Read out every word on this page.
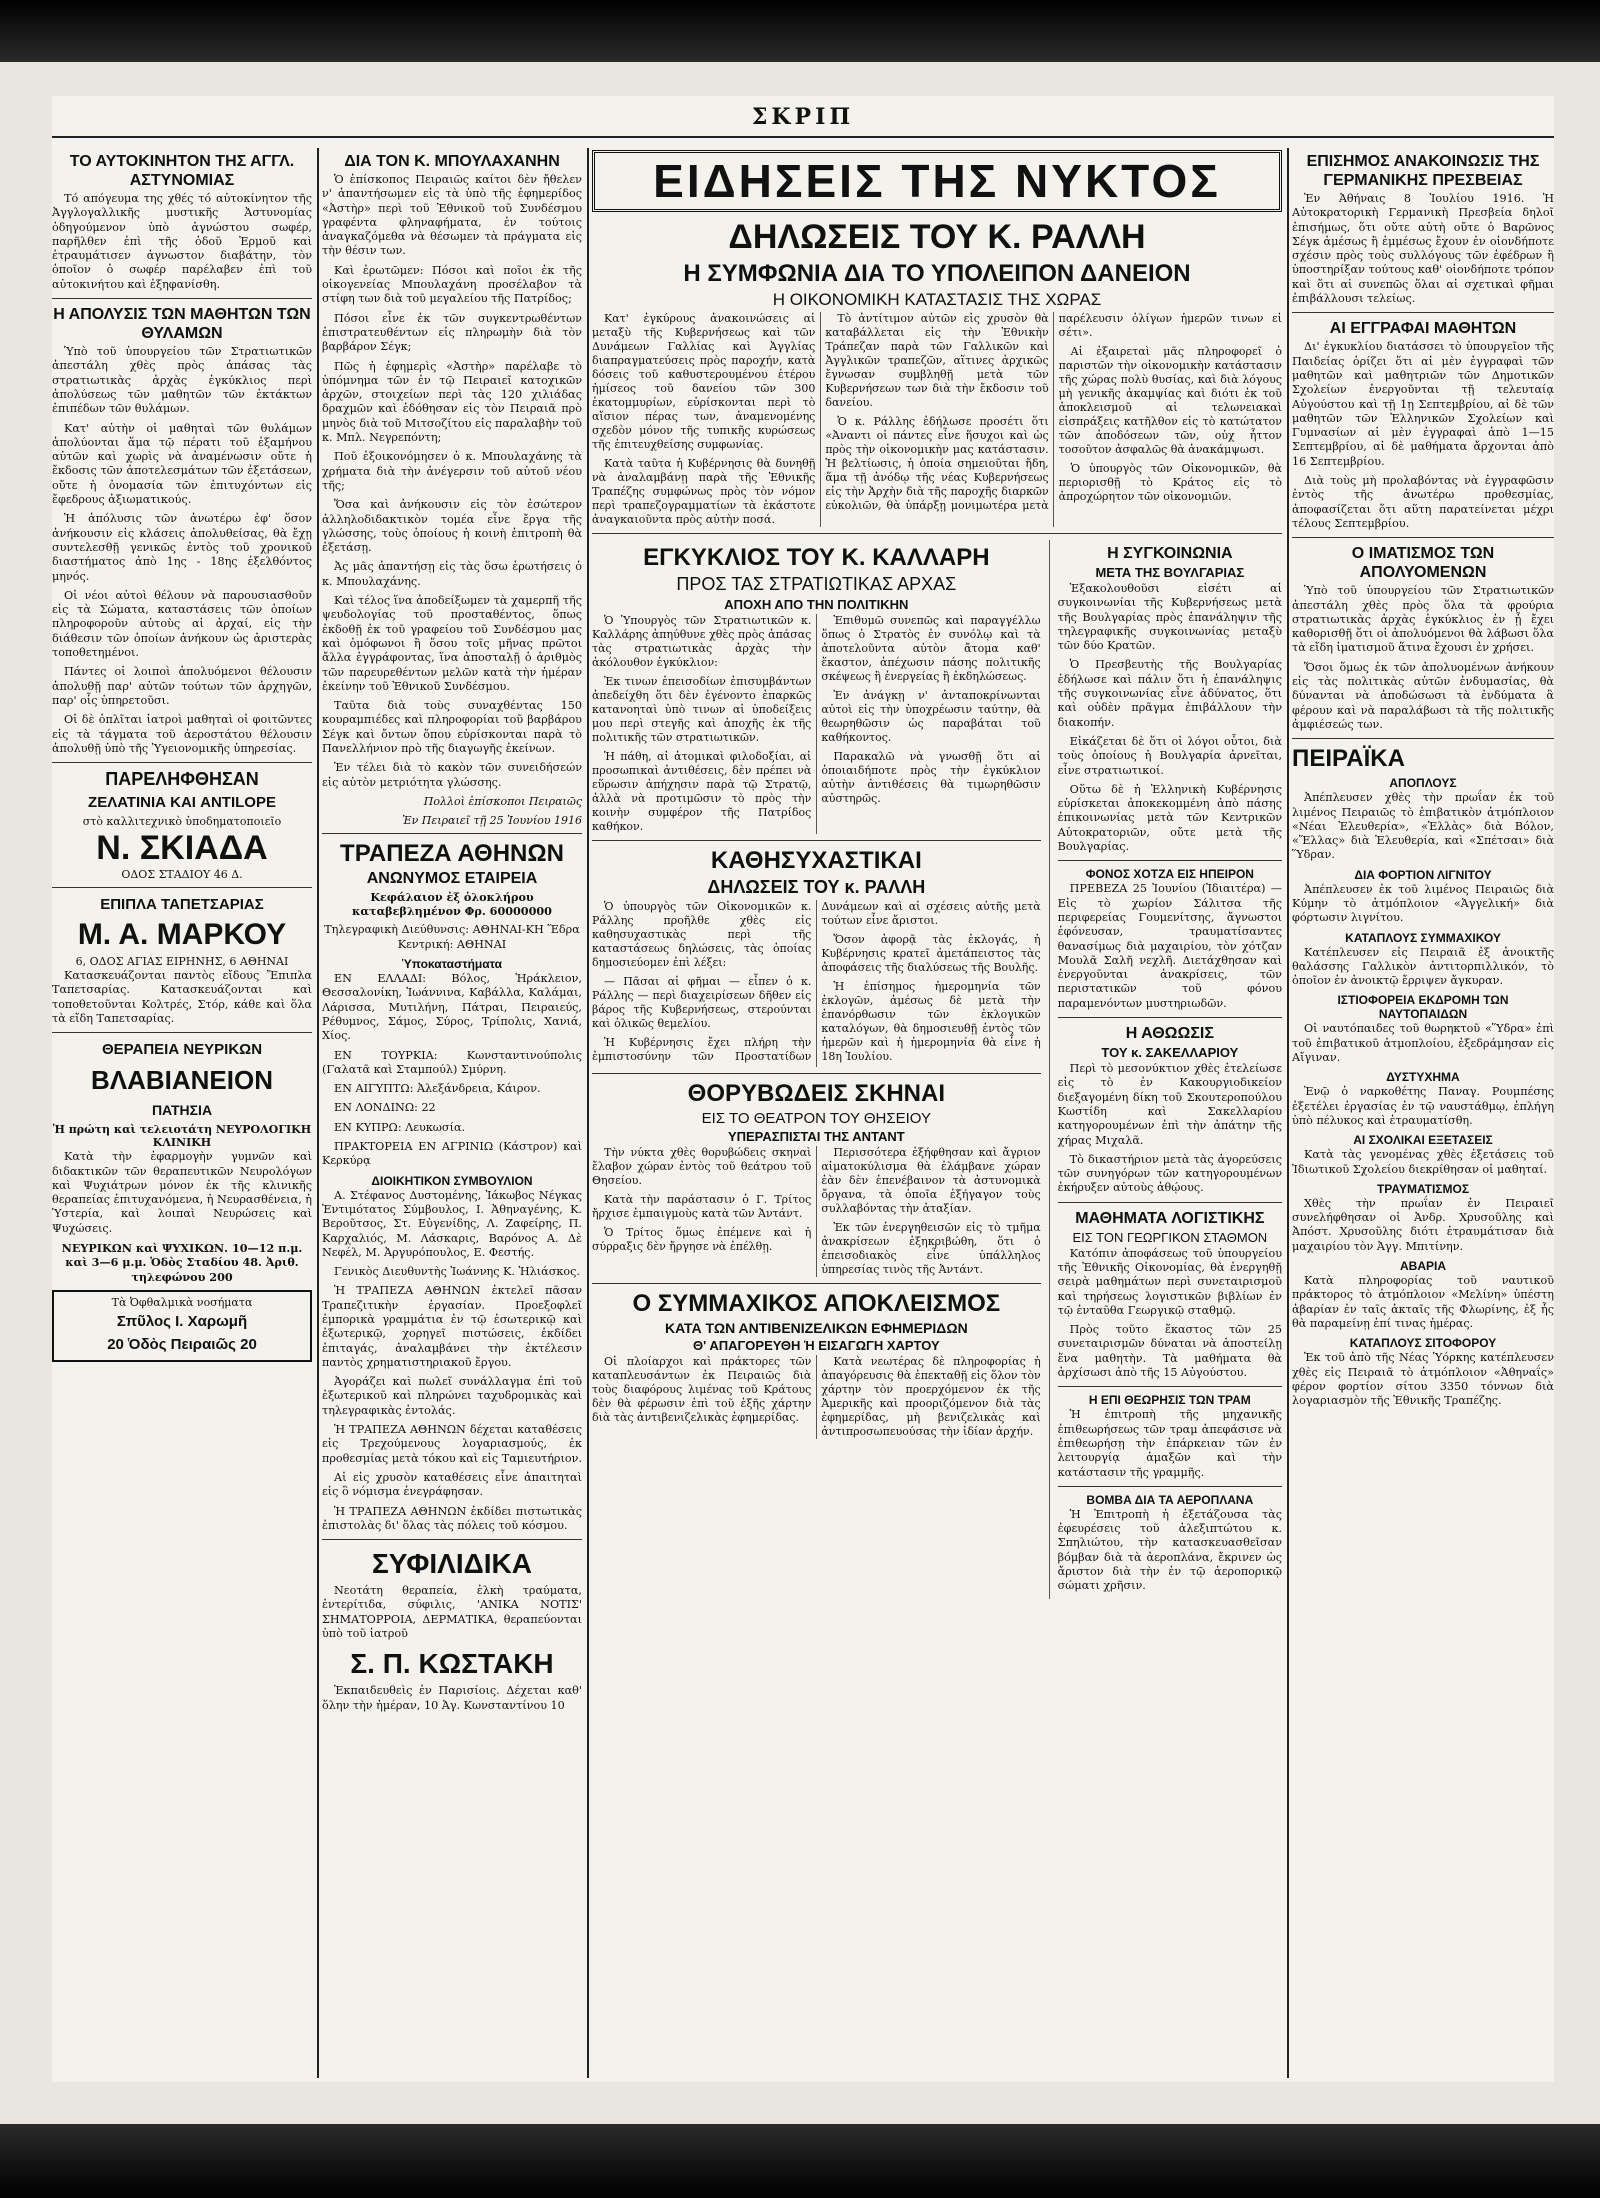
ΣΚΡΙΠ
ΤΟ ΑΥΤΟΚΙΝΗΤΟΝ ΤΗΣ ΑΓΓΛ. ΑΣΤΥΝΟΜΙΑΣ

Τό απόγευμα της χθές τό αὐτοκίνητον τῆς Ἀγγλογαλλικῆς μυστικῆς Ἀστυνομίας ὁδηγούμενον ὑπὸ ἀγνώστου σωφέρ, παρῆλθεν ἐπὶ τῆς ὁδοῦ Ἑρμοῦ καὶ ἐτραυμάτισεν ἀγνωστον διαβάτην, τὸν ὁποῖον ὁ σωφέρ παρέλαβεν ἐπὶ τοῦ αὐτοκινήτου καὶ ἐξηφανίσθη.

Η ΑΠΟΛΥΣΙΣ ΤΩΝ ΜΑΘΗΤΩΝ ΤΩΝ ΘΥΛΑΜΩΝ

Ὑπὸ τοῦ ὑπουργείου τῶν Στρατιωτικῶν ἀπεστάλη χθὲς πρὸς ἁπάσας τὰς στρατιωτικὰς ἀρχὰς ἐγκύκλιος περὶ ἀπολύσεως τῶν μαθητῶν τῶν ἐκτάκτων ἐπιπέδων τῶν θυλάμων.

Κατ' αὐτὴν οἱ μαθηταὶ τῶν θυλάμων ἀπολύονται ἅμα τῷ πέρατι τοῦ ἐξαμήνου αὐτῶν καὶ χωρὶς νὰ ἀναμένωσιν οὔτε ἡ ἔκδοσις τῶν ἀποτελεσμάτων τῶν ἐξετάσεων, οὔτε ἡ ὀνομασία τῶν ἐπιτυχόντων εἰς ἔφεδρους ἀξιωματικούς.

Ἡ ἀπόλυσις τῶν ἀνωτέρω ἐφ' ὅσον ἀνήκουσιν εἰς κλάσεις ἀπολυθείσας, θὰ ἔχῃ συντελεσθῇ γενικῶς ἐντὸς τοῦ χρονικοῦ διαστήματος ἀπὸ 1ης - 18ης ἐξελθόντος μηνός.

Οἱ νέοι αὐτοὶ θέλουν νὰ παρουσιασθοῦν εἰς τὰ Σώματα, καταστάσεις τῶν ὁποίων πληροφοροῦν αὐτοὺς αἱ ἀρχαί, εἰς τὴν διάθεσιν τῶν ὁποίων ἀνήκουν ὡς ἀριστερὰς τοποθετημένοι.

Πάντες οἱ λοιποὶ ἀπολυόμενοι θέλουσιν ἀπολυθῇ παρ' αὐτῶν τούτων τῶν ἀρχηγῶν, παρ' οἷς ὑπηρετοῦσι.

Οἱ δὲ ὁπλῖται ἰατροὶ μαθηταὶ οἱ φοιτῶντες εἰς τὰ τάγματα τοῦ ἀεροστάτου θέλουσιν ἀπολυθῇ ὑπὸ τῆς Ὑγειονομικῆς ὑπηρεσίας.

ΠΑΡΕΛΗΦΘΗΣΑΝ
ΖΕΛΑΤΙΝΙΑ ΚΑΙ ANTILOPE
στὸ καλλιτεχνικὸ ὑποδηματοποιεῖο
Ν. ΣΚΙΑΔΑ
ΟΔΟΣ ΣΤΑΔΙΟΥ 46 Δ.
ΕΠΙΠΛΑ ΤΑΠΕΤΣΑΡΙΑΣ
Μ. Α. ΜΑΡΚΟΥ
6, ΟΔΟΣ ΑΓΙΑΣ ΕΙΡΗΝΗΣ, 6 ΑΘΗΝΑΙ

Κατασκευάζονται παντὸς εἴδους Ἔπιπλα Ταπετσαρίας. Κατασκευάζονται καὶ τοποθετοῦνται Κολτρές, Στόρ, κάθε καὶ ὅλα τὰ εἴδη Ταπετσαρίας.

ΘΕΡΑΠΕΙΑ ΝΕΥΡΙΚΩΝ
ΒΛΑΒΙΑΝΕΙΟΝ
ΠΑΤΗΣΙΑ
Ἡ πρώτη καὶ τελειοτάτη ΝΕΥΡΟΛΟΓΙΚΗ ΚΛΙΝΙΚΗ

Κατὰ τὴν ἐφαρμογὴν γυμνῶν καὶ διδακτικῶν τῶν θεραπευτικῶν Νευρολόγων καὶ Ψυχιάτρων μόνον ἐκ τῆς κλινικῆς θεραπείας ἐπιτυχανόμενα, ἡ Νευρασθένεια, ἡ Ὑστερία, καὶ λοιπαὶ Νευρώσεις καὶ Ψυχώσεις.

ΝΕΥΡΙΚΩΝ καὶ ΨΥΧΙΚΩΝ. 10—12 π.μ. καὶ 3—6 μ.μ. Ὁδὸς Σταδίου 48. Ἀριθ. τηλεφώνου 200

Τὰ Ὀφθαλμικὰ νοσήματα
Σπῦλος Ι. Χαρωμῆ
20 Ὁδὸς Πειραιῶς 20
ΔΙΑ ΤΟΝ Κ. ΜΠΟΥΛΑΧΑΝΗΝ

Ὁ ἐπίσκοπος Πειραιῶς καίτοι δὲν ἤθελεν ν' ἀπαντήσωμεν εἰς τὰ ὑπὸ τῆς ἐφημερίδος «Ἀστὴρ» περὶ τοῦ Ἐθνικοῦ τοῦ Συνδέσμου γραφέντα φληναφήματα, ἐν τούτοις ἀναγκαζόμεθα νὰ θέσωμεν τὰ πράγματα εἰς τὴν θέσιν των.

Καὶ ἐρωτῶμεν: Πόσοι καὶ ποῖοι ἐκ τῆς οἰκογενείας Μπουλαχάνη προσέλαβον τὰ στίφη των διὰ τοῦ μεγαλείου τῆς Πατρίδος;

Πόσοι εἶνε ἐκ τῶν συγκεντρωθέντων ἐπιστρατευθέντων εἰς πληρωμὴν διὰ τὸν βαρβάρον Σέγκ;

Πῶς ἡ ἐφημερὶς «Ἀστὴρ» παρέλαβε τὸ ὑπόμνημα τῶν ἐν τῷ Πειραιεῖ κατοχικῶν ἀρχῶν, στοιχείων περὶ τὰς 120 χιλιάδας δραχμῶν καὶ ἐδόθησαν εἰς τὸν Πειραιᾶ πρὸ μηνὸς διὰ τοῦ Μιτσοζίτου εἰς παραλαβὴν τοῦ κ. Μπλ. Νεγρεπόντη;

Ποῦ ἐξοικονόμησεν ὁ κ. Μπουλαχάνης τὰ χρήματα διὰ τὴν ἀνέγερσιν τοῦ αὐτοῦ νέου τῆς;

Ὅσα καὶ ἀνήκουσιν εἰς τὸν ἐσώτερον ἀλληλοδιδακτικὸν τομέα εἶνε ἔργα τῆς γλώσσης, τοὺς ὁποίους ἡ κοινὴ ἐπιτροπὴ θὰ ἐξετάσῃ.

Ἀς μᾶς ἀπαντήσῃ εἰς τὰς ὅσω ἐρωτήσεις ὁ κ. Μπουλαχάνης.

Καὶ τέλος ἵνα ἀποδείξωμεν τὰ χαμερπῆ τῆς ψευδολογίας τοῦ προσταθέντος, ὅπως ἐκδοθῇ ἐκ τοῦ γραφείου τοῦ Συνδέσμου μας καὶ ὁμόφωνοι ἢ ὅσου τοῖς μῆνας πρῶτοι ἄλλα ἐγγράφοντας, ἵνα ἀποσταλῇ ὁ ἀριθμὸς τῶν παρευρεθέντων μελῶν κατὰ τὴν ἡμέραν ἐκείνην τοῦ Ἐθνικοῦ Συνδέσμου.

Ταῦτα διὰ τοὺς συναχθέντας 150 κουραμπιέδες καὶ πληροφορίαι τοῦ βαρβάρου Σέγκ καὶ ὄντων ὅπου εὑρίσκονται παρὰ τὸ Πανελλήνιον πρὸ τῆς διαγωγῆς ἐκείνων.

Ἐν τέλει διὰ τὸ κακὸν τῶν συνειδήσεών εἰς αὐτὸν μετριότητα γλώσσης.

Πολλοὶ ἐπίσκοποι Πειραιῶς
Ἐν Πειραιεῖ τῇ 25 Ἰουνίου 1916
ΤΡΑΠΕΖΑ ΑΘΗΝΩΝ
ΑΝΩΝΥΜΟΣ ΕΤΑΙΡΕΙΑ

Κεφάλαιον ἐξ ὁλοκλήρου καταβεβλημένον Φρ. 60000000

Τηλεγραφικὴ Διεύθυνσις: ΑΘΗΝΑΙ-ΚΗ Ἕδρα Κεντρική: ΑΘΗΝΑΙ

Ὑποκαταστήματα

ΕΝ ΕΛΛΑΔΙ: Βόλος, Ἡράκλειον, Θεσσαλονίκη, Ἰωάννινα, Καβάλλα, Καλάμαι, Λάρισσα, Μυτιλήνη, Πάτραι, Πειραιεύς, Ρέθυμνος, Σάμος, Σύρος, Τρίπολις, Χανιά, Χίος.

ΕΝ ΤΟΥΡΚΙΑ: Κωνσταντινούπολις (Γαλατᾶ καὶ Σταμπούλ) Σμύρνη.

ΕΝ ΑΙΓΥΠΤΩ: Ἀλεξάνδρεια, Κάιρον.

ΕΝ ΛΟΝΔΙΝΩ: 22

ΕΝ ΚΥΠΡΩ: Λευκωσία.

ΠΡΑΚΤΟΡΕΙΑ ΕΝ ΑΓΡΙΝΙΩ (Κάστρον) καὶ Κερκύρᾳ

ΔΙΟΙΚΗΤΙΚΟΝ ΣΥΜΒΟΥΛΙΟΝ

Α. Στέφανος Δυστομένης, Ἰάκωβος Νέγκας Ἐντιμότατος Σύμβουλος, Ι. Ἀθηναγένης, Κ. Βεροῦτσος, Στ. Εὐγενίδης, Λ. Ζαφείρης, Π. Καρχαλιός, Μ. Λάσκαρις, Βαρόνος Α. Δὲ Νεφέλ, Μ. Ἀργυρόπουλος, Ε. Φεστής.

Γενικὸς Διευθυντὴς Ἰωάννης Κ. Ἠλιάσκος.

Ἡ ΤΡΑΠΕΖΑ ΑΘΗΝΩΝ ἐκτελεῖ πᾶσαν Τραπεζιτικὴν ἐργασίαν. Προεξοφλεῖ ἐμπορικὰ γραμμάτια ἐν τῷ ἐσωτερικῷ καὶ ἐξωτερικῷ, χορηγεῖ πιστώσεις, ἐκδίδει ἐπιταγάς, ἀναλαμβάνει τὴν ἐκτέλεσιν παντὸς χρηματιστηριακοῦ ἔργου.

Ἀγοράζει καὶ πωλεῖ συνάλλαγμα ἐπὶ τοῦ ἐξωτερικοῦ καὶ πληρώνει ταχυδρομικὰς καὶ τηλεγραφικὰς ἐντολάς.

Ἡ ΤΡΑΠΕΖΑ ΑΘΗΝΩΝ δέχεται καταθέσεις εἰς Τρεχούμενους λογαριασμούς, ἐκ προθεσμίας μετὰ τόκου καὶ εἰς Ταμιευτήριον.

Αἱ εἰς χρυσὸν καταθέσεις εἶνε ἀπαιτηταὶ εἰς ὃ νόμισμα ἐνεγράφησαν.

Ἡ ΤΡΑΠΕΖΑ ΑΘΗΝΩΝ ἐκδίδει πιστωτικὰς ἐπιστολὰς δι' ὅλας τὰς πόλεις τοῦ κόσμου.

ΣΥΦΙΛΙΔΙΚΑ

Νεοτάτη θεραπεία, ἐλκὴ τραύματα, ἐντερίτιδα, σύφιλις, 'ΑΝΙΚΑ ΝΟΤΙΣ' ΣΗΜΑΤΟΡΡΟΙΑ, ΔΕΡΜΑΤΙΚΑ, θεραπεύονται ὑπὸ τοῦ ἰατροῦ

Σ. Π. ΚΩΣΤΑΚΗ

Ἐκπαιδευθεὶς ἐν Παρισίοις. Δέχεται καθ' ὅλην τὴν ἡμέραν, 10 Ἀγ. Κωνσταντίνου 10

ΕΙΔΗΣΕΙΣ ΤΗΣ ΝΥΚΤΟΣ
ΔΗΛΩΣΕΙΣ ΤΟΥ Κ. ΡΑΛΛΗ
Η ΣΥΜΦΩΝΙΑ ΔΙΑ ΤΟ ΥΠΟΛΕΙΠΟΝ ΔΑΝΕΙΟΝ
Η ΟΙΚΟΝΟΜΙΚΗ ΚΑΤΑΣΤΑΣΙΣ ΤΗΣ ΧΩΡΑΣ

Κατ' ἐγκύρους ἀνακοινώσεις αἱ μεταξὺ τῆς Κυβερνήσεως καὶ τῶν Δυνάμεων Γαλλίας καὶ Ἀγγλίας διαπραγματεύσεις πρὸς παροχήν, κατὰ δόσεις τοῦ καθυστερουμένου ἑτέρου ἡμίσεος τοῦ δανείου τῶν 300 ἑκατομμυρίων, εὑρίσκονται περὶ τὸ αἴσιον πέρας των, ἀναμενομένης σχεδὸν μόνον τῆς τυπικῆς κυρώσεως τῆς ἐπιτευχθείσης συμφωνίας.

Κατὰ ταῦτα ἡ Κυβέρνησις θὰ δυνηθῇ νὰ ἀναλαμβάνῃ παρὰ τῆς Ἐθνικῆς Τραπέζης συμφώνως πρὸς τὸν νόμον περὶ τραπεζογραμματίων τὰ ἑκάστοτε ἀναγκαιοῦντα πρὸς αὐτὴν ποσά.

Τὸ ἀντίτιμον αὐτῶν εἰς χρυσὸν θὰ καταβάλλεται εἰς τὴν Ἐθνικὴν Τράπεζαν παρὰ τῶν Γαλλικῶν καὶ Ἀγγλικῶν τραπεζῶν, αἵτινες ἀρχικῶς ἔγνωσαν συμβληθῇ μετὰ τῶν Κυβερνήσεων των διὰ τὴν ἔκδοσιν τοῦ δανείου.

Ὁ κ. Ράλλης ἐδήλωσε προσέτι ὅτι «Ἀναντι οἱ πάντες εἶνε ἥσυχοι καὶ ὡς πρὸς τὴν οἰκονομικὴν μας κατάστασιν. Ἡ βελτίωσις, ἡ ὁποία σημειοῦται ἤδη, ἅμα τῇ ἀνόδῳ τῆς νέας Κυβερνήσεως εἰς τὴν Ἀρχὴν διὰ τῆς παροχῆς διαρκῶν εὐκολιῶν, θὰ ὑπάρξῃ μονιμωτέρα μετὰ παρέλευσιν ὀλίγων ἡμερῶν τινων εἰ σέτι».

Αἱ ἐξαιρεταὶ μᾶς πληροφορεῖ ὁ παριστῶν τὴν οἰκονομικὴν κατάστασιν τῆς χώρας πολὺ θυσίας, καὶ διὰ λόγους μὴ γενικῆς ἀκαμψίας καὶ διότι ἐκ τοῦ ἀποκλεισμοῦ αἱ τελωνειακαὶ εἰσπράξεις κατῆλθον εἰς τὸ κατώτατον τῶν ἀποδόσεων τῶν, οὐχ ἧττον τοσοῦτον ἀσφαλῶς θὰ ἀνακάμψωσι.

Ὁ ὑπουργὸς τῶν Οἰκονομικῶν, θὰ περιορισθῇ τὸ Κράτος εἰς τὸ ἀπροχώρητον τῶν οἰκονομιῶν.

ΕΓΚΥΚΛΙΟΣ ΤΟΥ Κ. ΚΑΛΛΑΡΗ
ΠΡΟΣ ΤΑΣ ΣΤΡΑΤΙΩΤΙΚΑΣ ΑΡΧΑΣ
ΑΠΟΧΗ ΑΠΟ ΤΗΝ ΠΟΛΙΤΙΚΗΝ

Ὁ Ὑπουργὸς τῶν Στρατιωτικῶν κ. Καλλάρης ἀπηύθυνε χθὲς πρὸς ἁπάσας τὰς στρατιωτικὰς ἀρχὰς τὴν ἀκόλουθον ἐγκύκλιον:

Ἐκ τινων ἐπεισοδίων ἐπισυμβάντων ἀπεδείχθη ὅτι δὲν ἐγένοντο ἐπαρκῶς κατανοηταὶ ὑπὸ τινων αἱ ὑποδείξεις μου περὶ στεγῆς καὶ ἀποχῆς ἐκ τῆς πολιτικῆς τῶν στρατιωτικῶν.

Ἡ πάθη, αἱ ἀτομικαὶ φιλοδοξίαι, αἱ προσωπικαὶ ἀντιθέσεις, δὲν πρέπει νὰ εὕρωσιν ἀπήχησιν παρὰ τῷ Στρατῷ, ἀλλὰ νὰ προτιμῶσιν τὸ πρὸς τὴν κοινὴν συμφέρον τῆς Πατρίδος καθήκον.

Ἐπιθυμῶ συνεπῶς καὶ παραγγέλλω ὅπως ὁ Στρατὸς ἐν συνόλῳ καὶ τὰ ἀποτελοῦντα αὐτὸν ἄτομα καθ' ἕκαστον, ἀπέχωσιν πάσης πολιτικῆς σκέψεως ἢ ἐνεργείας ἢ ἐκδηλώσεως.

Ἐν ἀνάγκῃ ν' ἀνταποκρίνωνται αὐτοὶ εἰς τὴν ὑποχρέωσιν ταύτην, θὰ θεωρηθῶσιν ὡς παραβάται τοῦ καθήκοντος.

Παρακαλῶ νὰ γνωσθῇ ὅτι αἱ ὁποιαιδήποτε πρὸς τὴν ἐγκύκλιον αὐτὴν ἀντιθέσεις θὰ τιμωρηθῶσιν αὐστηρῶς.

ΚΑΘΗΣΥΧΑΣΤΙΚΑΙ
ΔΗΛΩΣΕΙΣ ΤΟΥ κ. ΡΑΛΛΗ

Ὁ ὑπουργὸς τῶν Οἰκονομικῶν κ. Ράλλης προῆλθε χθὲς εἰς καθησυχαστικὰς περὶ τῆς καταστάσεως δηλώσεις, τὰς ὁποίας δημοσιεύομεν ἐπὶ λέξει:

— Πᾶσαι αἱ φῆμαι — εἶπεν ὁ κ. Ράλλης — περὶ διαχειρίσεων δῆθεν εἰς βάρος τῆς Κυβερνήσεως, στερούνται καὶ ὁλικῶς θεμελίου.

Ἡ Κυβέρνησις ἔχει πλήρη τὴν ἐμπιστοσύνην τῶν Προστατίδων Δυνάμεων καὶ αἱ σχέσεις αὐτῆς μετὰ τούτων εἶνε ἄριστοι.

Ὅσον ἀφορᾷ τὰς ἐκλογάς, ἡ Κυβέρνησις κρατεῖ ἀμετάπειστος τὰς ἀποφάσεις τῆς διαλύσεως τῆς Βουλῆς.

Ἡ ἐπίσημος ἡμερομηνία τῶν ἐκλογῶν, ἀμέσως δὲ μετὰ τὴν ἐπανόρθωσιν τῶν ἐκλογικῶν καταλόγων, θὰ δημοσιευθῇ ἐντὸς τῶν ἡμερῶν καὶ ἡ ἡμερομηνία θὰ εἶνε ἡ 18η Ἰουλίου.

ΘΟΡΥΒΩΔΕΙΣ ΣΚΗΝΑΙ
ΕΙΣ ΤΟ ΘΕΑΤΡΟΝ ΤΟΥ ΘΗΣΕΙΟΥ
ΥΠΕΡΑΣΠΙΣΤΑΙ ΤΗΣ ΑΝΤΑΝΤ

Τὴν νύκτα χθὲς θορυβώδεις σκηναὶ ἔλαβον χώραν ἐντὸς τοῦ θεάτρου τοῦ Θησείου.

Κατὰ τὴν παράστασιν ὁ Γ. Τρίτος ἤρχισε ἐμπαιγμοὺς κατὰ τῶν Ἀντάντ.

Ὁ Τρίτος ὅμως ἐπέμενε καὶ ἡ σύρραξις δὲν ἤργησε νὰ ἐπέλθῃ.

Περισσότερα ἐξήφθησαν καὶ ἄγριον αἱματοκύλισμα θὰ ἐλάμβανε χώραν ἐὰν δὲν ἐπενέβαινον τὰ ἀστυνομικὰ ὄργανα, τὰ ὁποῖα ἐξήγαγον τοὺς συλλαβόντας τὴν ἀταξίαν.

Ἐκ τῶν ἐνεργηθεισῶν εἰς τὸ τμῆμα ἀνακρίσεων ἐξηκριβώθη, ὅτι ὁ ἐπεισοδιακὸς εἶνε ὑπάλληλος ὑπηρεσίας τινὸς τῆς Ἀντάντ.

Ο ΣΥΜΜΑΧΙΚΟΣ ΑΠΟΚΛΕΙΣΜΟΣ
ΚΑΤΑ ΤΩΝ ΑΝΤΙΒΕΝΙΖΕΛΙΚΩΝ ΕΦΗΜΕΡΙΔΩΝ
Θ' ΑΠΑΓΟΡΕΥΘΗ Ἡ ΕΙΣΑΓΩΓΗ ΧΑΡΤΟΥ

Οἱ πλοίαρχοι καὶ πράκτορες τῶν καταπλευσάντων ἐκ Πειραιῶς διὰ τοὺς διαφόρους λιμένας τοῦ Κράτους δὲν θὰ φέρωσιν ἐπὶ τοῦ ἑξῆς χάρτην διὰ τὰς ἀντιβενιζελικὰς ἐφημερίδας.

Κατὰ νεωτέρας δὲ πληροφορίας ἡ ἀπαγόρευσις θὰ ἐπεκταθῇ εἰς ὅλον τὸν χάρτην τὸν προερχόμενον ἐκ τῆς Ἀμερικῆς καὶ προοριζόμενον διὰ τὰς ἐφημερίδας, μὴ βενιζελικὰς καὶ ἀντιπροσωπευούσας τὴν ἰδίαν ἀρχήν.

Η ΣΥΓΚΟΙΝΩΝΙΑ
ΜΕΤΑ ΤΗΣ ΒΟΥΛΓΑΡΙΑΣ

Ἐξακολουθοῦσι εἰσέτι αἱ συγκοινωνίαι τῆς Κυβερνήσεως μετὰ τῆς Βουλγαρίας πρὸς ἐπανάληψιν τῆς τηλεγραφικῆς συγκοινωνίας μεταξὺ τῶν δύο Κρατῶν.

Ὁ Πρεσβευτὴς τῆς Βουλγαρίας ἐδήλωσε καὶ πάλιν ὅτι ἡ ἐπανάληψις τῆς συγκοινωνίας εἶνε ἀδύνατος, ὅτι καὶ οὐδὲν πρᾶγμα ἐπιβάλλουν τὴν διακοπήν.

Εἰκάζεται δὲ ὅτι οἱ λόγοι οὗτοι, διὰ τοὺς ὁποίους ἡ Βουλγαρία ἀρνεῖται, εἶνε στρατιωτικοί.

Οὕτω δὲ ἡ Ἑλληνικὴ Κυβέρνησις εὑρίσκεται ἀποκεκομμένη ἀπὸ πάσης ἐπικοινωνίας μετὰ τῶν Κεντρικῶν Αὐτοκρατοριῶν, οὔτε μετὰ τῆς Βουλγαρίας.

ΦΟΝΟΣ ΧΟΤΖΑ ΕΙΣ ΗΠΕΙΡΟΝ

ΠΡΕΒΕΖΑ 25 Ἰουνίου (Ἰδιαιτέρα) — Εἰς τὸ χωρίον Σάλιτσα τῆς περιφερείας Γουμενίτσης, ἄγνωστοι ἐφόνευσαν, τραυματίσαντες θανασίμως διὰ μαχαιρίου, τὸν χότζαν Μουλᾶ Σαλῆ νεχλῆ. Διετάχθησαν καὶ ἐνεργοῦνται ἀνακρίσεις, τῶν περιστατικῶν τοῦ φόνου παραμενόντων μυστηριωδῶν.

Η ΑΘΩΩΣΙΣ
ΤΟΥ κ. ΣΑΚΕΛΛΑΡΙΟΥ

Περὶ τὸ μεσονύκτιον χθὲς ἐτελείωσε εἰς τὸ ἐν Κακουργιοδικείον διεξαγομένη δίκη τοῦ Σκουτεροπούλου Κωστίδη καὶ Σακελλαρίου κατηγορουμένων ἐπὶ τὴν ἀπάτην τῆς χήρας Μιχαλᾶ.

Τὸ δικαστήριον μετὰ τὰς ἀγορεύσεις τῶν συνηγόρων τῶν κατηγορουμένων ἐκήρυξεν αὐτοὺς ἀθῴους.

ΜΑΘΗΜΑΤΑ ΛΟΓΙΣΤΙΚΗΣ
ΕΙΣ ΤΟΝ ΓΕΩΡΓΙΚΟΝ ΣΤΑΘΜΟΝ

Κατόπιν ἀποφάσεως τοῦ ὑπουργείου τῆς Ἐθνικῆς Οἰκονομίας, θὰ ἐνεργηθῇ σειρὰ μαθημάτων περὶ συνεταιρισμοῦ καὶ τηρήσεως λογιστικῶν βιβλίων ἐν τῷ ἐνταῦθα Γεωργικῷ σταθμῷ.

Πρὸς τοῦτο ἕκαστος τῶν 25 συνεταιρισμῶν δύναται νὰ ἀποστείλῃ ἕνα μαθητὴν. Τὰ μαθήματα θὰ ἀρχίσωσι ἀπὸ τῆς 15 Αὐγούστου.

Η ΕΠΙ ΘΕΩΡΗΣΙΣ ΤΩΝ ΤΡΑΜ

Ἡ ἐπιτροπὴ τῆς μηχανικῆς ἐπιθεωρήσεως τῶν τραμ ἀπεφάσισε νὰ ἐπιθεωρήσῃ τὴν ἐπάρκειαν τῶν ἐν λειτουργίᾳ ἁμαξῶν καὶ τὴν κατάστασιν τῆς γραμμῆς.

ΒΟΜΒΑ ΔΙΑ ΤΑ ΑΕΡΟΠΛΑΝΑ

Ἡ Ἐπιτροπὴ ἡ ἐξετάζουσα τὰς ἐφευρέσεις τοῦ ἀλεξιπτώτου κ. Σπηλιώτου, τὴν κατασκευασθεῖσαν βόμβαν διὰ τὰ ἀεροπλάνα, ἔκρινεν ὡς ἄριστον διὰ τὴν ἐν τῷ ἀεροπορικῷ σώματι χρῆσιν.

ΕΠΙΣΗΜΟΣ ΑΝΑΚΟΙΝΩΣΙΣ ΤΗΣ ΓΕΡΜΑΝΙΚΗΣ ΠΡΕΣΒΕΙΑΣ

Ἐν Ἀθήναις 8 Ἰουλίου 1916. Ἡ Αὐτοκρατορικὴ Γερμανικὴ Πρεσβεία δηλοῖ ἐπισήμως, ὅτι οὔτε αὐτὴ οὔτε ὁ Βαρῶνος Σέγκ ἀμέσως ἢ ἐμμέσως ἔχουν ἐν οἱονδήποτε σχέσιν πρὸς τοὺς συλλόγους τῶν ἐφέδρων ἢ ὑποστηρίξαν τούτους καθ' οἱονδήποτε τρόπον καὶ ὅτι αἱ συνεπῶς ὅλαι αἱ σχετικαὶ φῆμαι ἐπιβάλλουσι τελείως.

ΑΙ ΕΓΓΡΑΦΑΙ ΜΑΘΗΤΩΝ

Δι' ἐγκυκλίου διατάσσει τὸ ὑπουργεῖον τῆς Παιδείας ὁρίζει ὅτι αἱ μὲν ἐγγραφαὶ τῶν μαθητῶν καὶ μαθητριῶν τῶν Δημοτικῶν Σχολείων ἐνεργοῦνται τῇ τελευταίᾳ Αὐγούστου καὶ τῇ 1ῃ Σεπτεμβρίου, αἱ δὲ τῶν μαθητῶν τῶν Ἑλληνικῶν Σχολείων καὶ Γυμνασίων αἱ μὲν ἐγγραφαὶ ἀπὸ 1—15 Σεπτεμβρίου, αἱ δὲ μαθήματα ἄρχονται ἀπὸ 16 Σεπτεμβρίου.

Διὰ τοὺς μὴ προλαβόντας νὰ ἐγγραφῶσιν ἐντὸς τῆς ἀνωτέρω προθεσμίας, ἀποφασίζεται ὅτι αὕτη παρατείνεται μέχρι τέλους Σεπτεμβρίου.

Ο ΙΜΑΤΙΣΜΟΣ ΤΩΝ ΑΠΟΛΥΟΜΕΝΩΝ

Ὑπὸ τοῦ ὑπουργείου τῶν Στρατιωτικῶν ἀπεστάλη χθὲς πρὸς ὅλα τὰ φρούρια στρατιωτικὰς ἀρχὰς ἐγκύκλιος ἐν ᾗ ἔχει καθορισθῇ ὅτι οἱ ἀπολυόμενοι θὰ λάβωσι ὅλα τὰ εἴδη ἱματισμοῦ ἅτινα ἔχουσι ἐν χρήσει.

Ὅσοι ὅμως ἐκ τῶν ἀπολυομένων ἀνήκουν εἰς τὰς πολιτικὰς αὐτῶν ἐνδυμασίας, θὰ δύνανται νὰ ἀποδώσωσι τὰ ἐνδύματα ἃ φέρουν καὶ νὰ παραλάβωσι τὰ τῆς πολιτικῆς ἀμφιέσεώς των.

ΠΕΙΡΑΪΚΑ
ΑΠΟΠΛΟΥΣ

Ἀπέπλευσεν χθὲς τὴν πρωΐαν ἐκ τοῦ λιμένος Πειραιῶς τὸ ἐπιβατικὸν ἀτμόπλοιον «Νέαι Ἐλευθερία», «Ἑλλὰς» διὰ Βόλον, «Ἕλλας» διὰ Ἐλευθερία, καὶ «Σπέτσαι» διὰ Ὕδραν.

ΔΙΑ ΦΟΡΤΙΟΝ ΛΙΓΝΙΤΟΥ

Ἀπέπλευσεν ἐκ τοῦ λιμένος Πειραιῶς διὰ Κύμην τὸ ἀτμόπλοιον «Ἀγγελική» διὰ φόρτωσιν λιγνίτου.

ΚΑΤΑΠΛΟΥΣ ΣΥΜΜΑΧΙΚΟΥ

Κατέπλευσεν εἰς Πειραιᾶ ἐξ ἀνοικτῆς θαλάσσης Γαλλικὸν ἀντιτορπιλλικόν, τὸ ὁποῖον ἐν ἀνοικτῷ ἔρριψεν ἄγκυραν.

ΙΣΤΙΟΦΟΡΕΙΑ ΕΚΔΡΟΜΗ ΤΩΝ ΝΑΥΤΟΠΑΙΔΩΝ

Οἱ ναυτόπαιδες τοῦ θωρηκτοῦ «Ὕδρα» ἐπὶ τοῦ ἐπιβατικοῦ ἀτμοπλοίου, ἐξεδράμησαν εἰς Αἴγιναν.

ΔΥΣΤΥΧΗΜΑ

Ἐνῷ ὁ ναρκοθέτης Παναγ. Ρουμπέσης ἐξετέλει ἐργασίας ἐν τῷ ναυστάθμῳ, ἐπλήγη ὑπὸ πέλυκος καὶ ἐτραυματίσθη.

ΑΙ ΣΧΟΛΙΚΑΙ ΕΞΕΤΑΣΕΙΣ

Κατὰ τὰς γενομένας χθὲς ἐξετάσεις τοῦ Ἰδιωτικοῦ Σχολείου διεκρίθησαν οἱ μαθηταί.

ΤΡΑΥΜΑΤΙΣΜΟΣ

Χθὲς τὴν πρωΐαν ἐν Πειραιεῖ συνελήφθησαν οἱ Ἀνδρ. Χρυσοῦλης καὶ Ἀπόστ. Χρυσοῦλης διότι ἐτραυμάτισαν διὰ μαχαιρίου τὸν Ἀγγ. Μπιτίνην.

ΑΒΑΡΙΑ

Κατὰ πληροφορίας τοῦ ναυτικοῦ πράκτορος τὸ ἀτμόπλοιον «Μελίνη» ὑπέστη ἀβαρίαν ἐν ταῖς ἀκταῖς τῆς Φλωρίνης, ἐξ ἧς θὰ παραμείνῃ ἐπί τινας ἡμέρας.

ΚΑΤΑΠΛΟΥΣ ΣΙΤΟΦΟΡΟΥ

Ἐκ τοῦ ἀπὸ τῆς Νέας Ὑόρκης κατέπλευσεν χθὲς εἰς Πειραιᾶ τὸ ἀτμόπλοιον «Ἀθηναΐς» φέρον φορτίον σίτου 3350 τόννων διὰ λογαριασμὸν τῆς Ἐθνικῆς Τραπέζης.
